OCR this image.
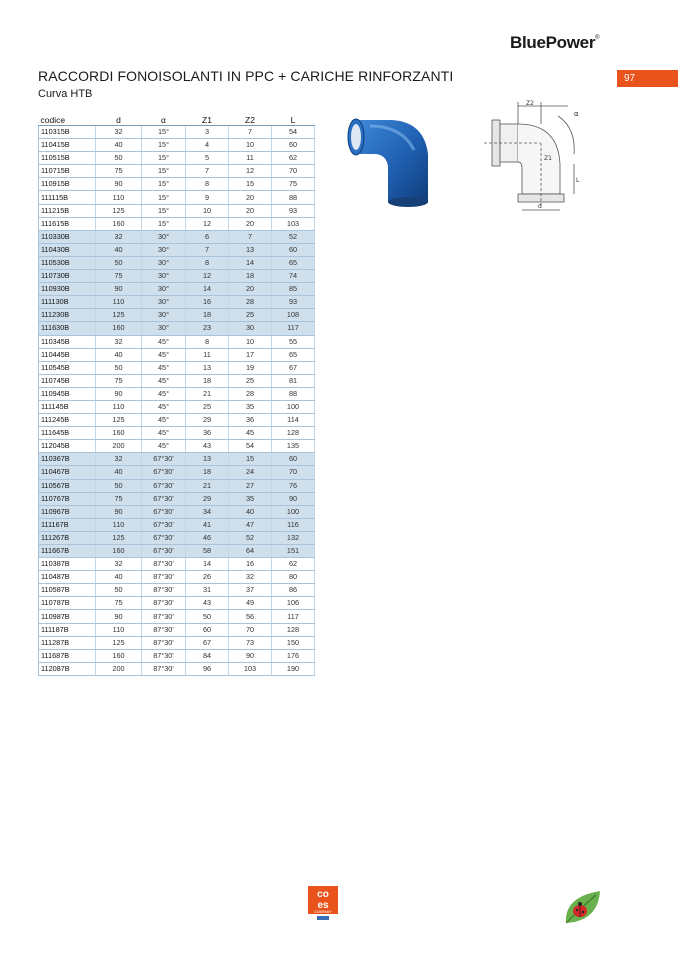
BluePower®
97
RACCORDI FONOISOLANTI IN PPC + CARICHE RINFORZANTI
Curva HTB
codice	d	α	Z1	Z2	L
110315B	32	15°	3	7	54
110415B	40	15°	4	10	60
110515B	50	15°	5	11	62
110715B	75	15°	7	12	70
110915B	90	15°	8	15	75
111115B	110	15°	9	20	88
111215B	125	15°	10	20	93
111615B	160	15°	12	20	103
110330B	32	30°	6	7	52
110430B	40	30°	7	13	60
110530B	50	30°	8	14	65
110730B	75	30°	12	18	74
110930B	90	30°	14	20	85
111130B	110	30°	16	28	93
111230B	125	30°	18	25	108
111630B	160	30°	23	30	117
110345B	32	45°	8	10	55
110445B	40	45°	11	17	65
110545B	50	45°	13	19	67
110745B	75	45°	18	25	81
110945B	90	45°	21	28	88
111145B	110	45°	25	35	100
111245B	125	45°	29	36	114
111645B	160	45°	36	45	128
112045B	200	45°	43	54	135
110367B	32	67°30'	13	15	60
110467B	40	67°30'	18	24	70
110567B	50	67°30'	21	27	76
110767B	75	67°30'	29	35	90
110967B	90	67°30'	34	40	100
111167B	110	67°30'	41	47	116
111267B	125	67°30'	46	52	132
111667B	160	67°30'	58	64	151
110387B	32	87°30'	14	16	62
110487B	40	87°30'	26	32	80
110587B	50	87°30'	31	37	86
110787B	75	87°30'	43	49	106
110987B	90	87°30'	50	56	117
111187B	110	87°30'	60	70	128
111287B	125	87°30'	67	73	150
111687B	160	87°30'	84	90	176
112087B	200	87°30'	96	103	190
Z2
α
Z1
L
d
co
es
COMPANY
